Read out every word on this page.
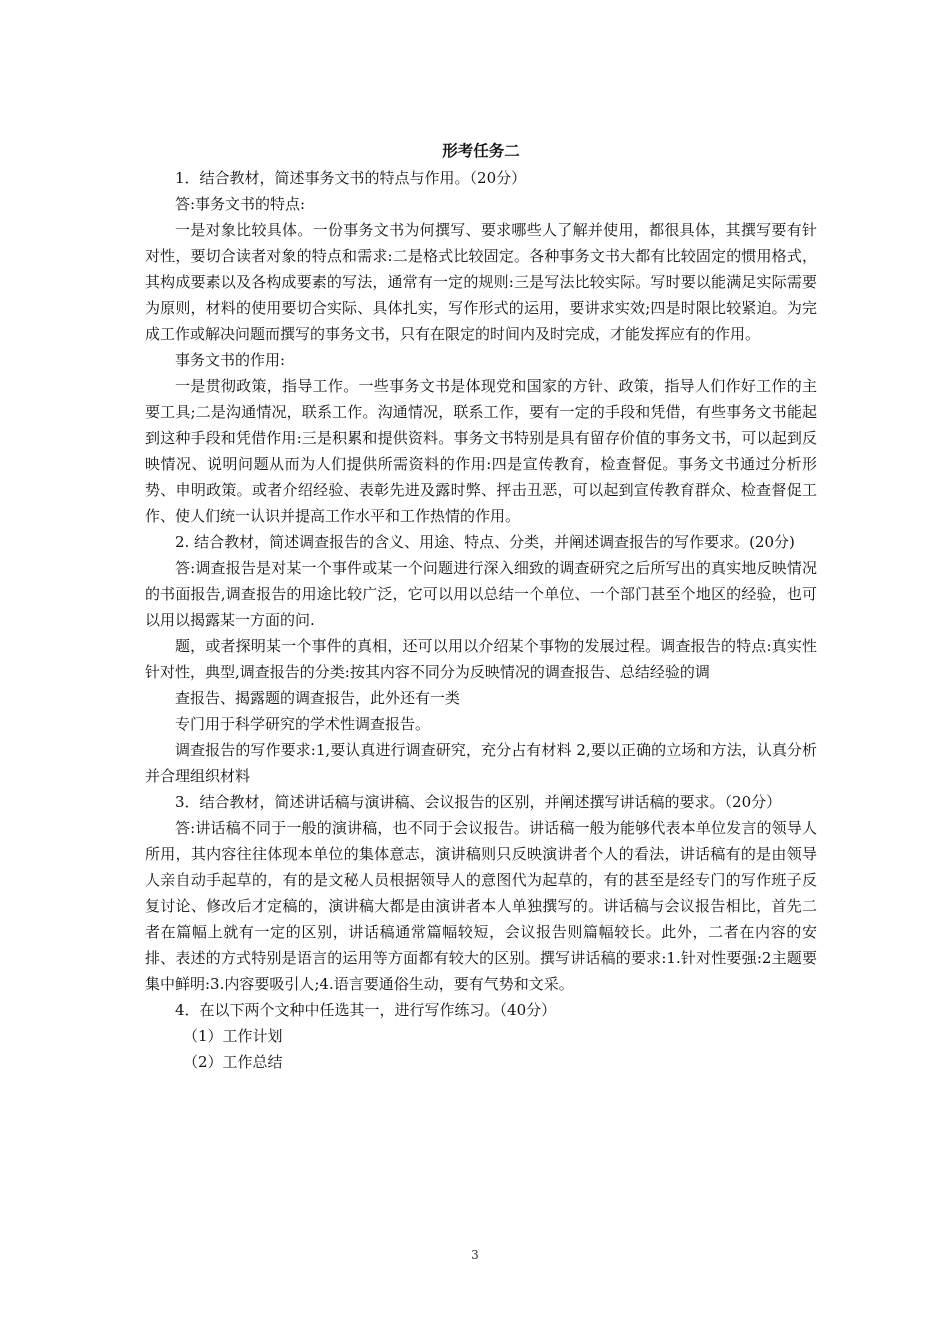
形考任务二

1．结合教材，简述事务文书的特点与作用。（20分）

答:事务文书的特点:

一是对象比较具体。一份事务文书为何撰写、要求哪些人了解并使用，都很具体，其撰写要有针对性，要切合读者对象的特点和需求:二是格式比较固定。各种事务文书大都有比较固定的惯用格式，其构成要素以及各构成要素的写法，通常有一定的规则:三是写法比较实际。写时要以能满足实际需要为原则，材料的使用要切合实际、具体扎实，写作形式的运用，要讲求实效;四是时限比较紧迫。为完成工作或解决问题而撰写的事务文书，只有在限定的时间内及时完成，才能发挥应有的作用。

事务文书的作用:

一是贯彻政策，指导工作。一些事务文书是体现党和国家的方针、政策，指导人们作好工作的主要工具;二是沟通情况，联系工作。沟通情况，联系工作，要有一定的手段和凭借，有些事务文书能起到这种手段和凭借作用:三是积累和提供资料。事务文书特别是具有留存价值的事务文书，可以起到反映情况、说明问题从而为人们提供所需资料的作用:四是宣传教育，检查督促。事务文书通过分析形势、申明政策。或者介绍经验、表彰先进及露时弊、抨击丑恶，可以起到宣传教育群众、检查督促工作、使人们统一认识并提高工作水平和工作热情的作用。

2. 结合教材，简述调查报告的含义、用途、特点、分类，并阐述调查报告的写作要求。(20分)

答:调查报告是对某一个事件或某一个问题进行深入细致的调查研究之后所写出的真实地反映情况的书面报告,调查报告的用途比较广泛，它可以用以总结一个单位、一个部门甚至个地区的经验，也可以用以揭露某一方面的问.

题，或者探明某一个事件的真相，还可以用以介绍某个事物的发展过程。调查报告的特点:真实性针对性，典型,调查报告的分类:按其内容不同分为反映情况的调查报告、总结经验的调

查报告、揭露题的调查报告，此外还有一类

专门用于科学研究的学术性调查报告。

调查报告的写作要求:1,要认真进行调查研究，充分占有材料 2,要以正确的立场和方法，认真分析并合理组织材料

3．结合教材，简述讲话稿与演讲稿、会议报告的区别，并阐述撰写讲话稿的要求。（20分）

答:讲话稿不同于一般的演讲稿，也不同于会议报告。讲话稿一般为能够代表本单位发言的领导人所用，其内容往往体现本单位的集体意志，演讲稿则只反映演讲者个人的看法，讲话稿有的是由领导人亲自动手起草的，有的是文秘人员根据领导人的意图代为起草的，有的甚至是经专门的写作班子反复讨论、修改后才定稿的，演讲稿大都是由演讲者本人单独撰写的。讲话稿与会议报告相比，首先二者在篇幅上就有一定的区别，讲话稿通常篇幅较短，会议报告则篇幅较长。此外，二者在内容的安排、表述的方式特别是语言的运用等方面都有较大的区别。撰写讲话稿的要求:1.针对性要强:2主题要集中鲜明:3.内容要吸引人;4.语言要通俗生动，要有气势和文采。

4．在以下两个文种中任选其一，进行写作练习。（40分）

（1）工作计划

（2）工作总结

3
